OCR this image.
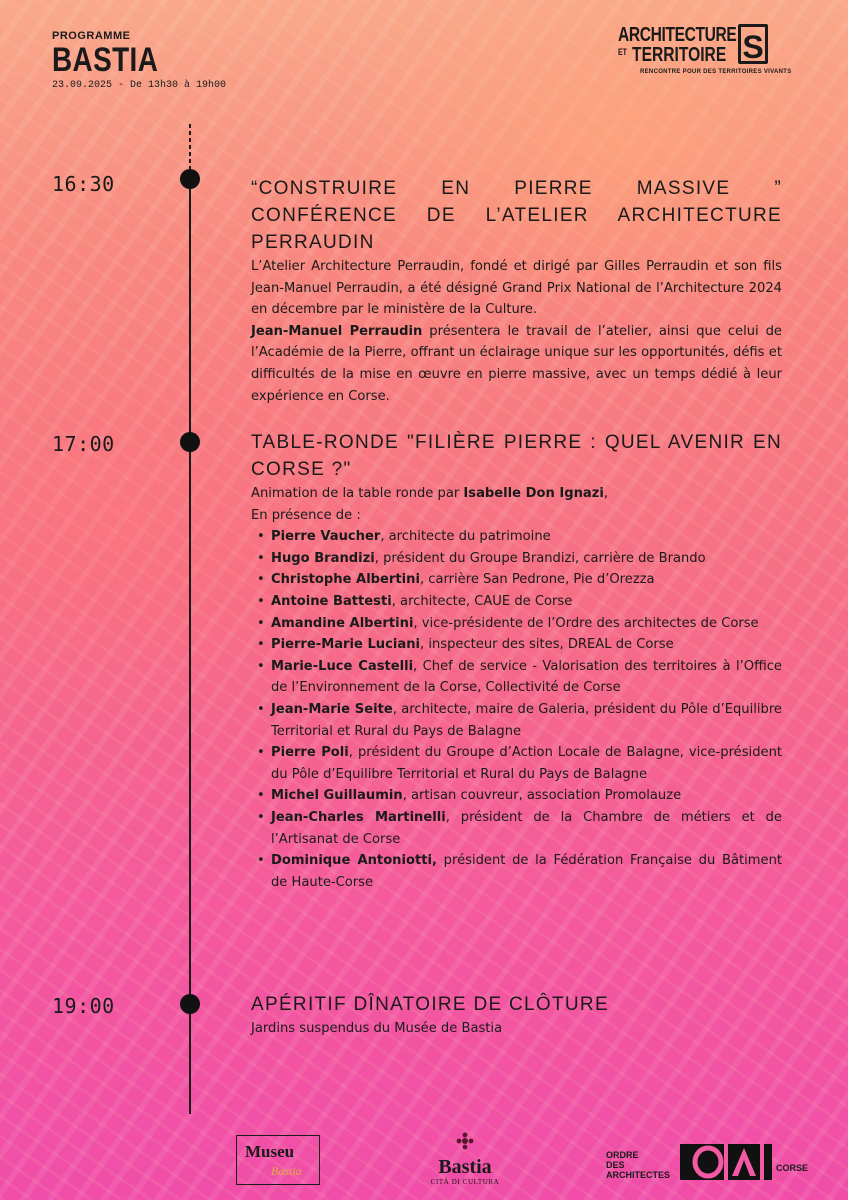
PROGRAMME
BASTIA
23.09.2025 - De 13h30 à 19h00
ARCHITECTURE
ET TERRITOIRE S
RENCONTRE POUR DES TERRITOIRES VIVANTS
16:30
17:00
19:00
“CONSTRUIRE EN PIERRE MASSIVE ” CONFÉRENCE DE L’ATELIER ARCHITECTURE PERRAUDIN
L’Atelier Architecture Perraudin, fondé et dirigé par Gilles Perraudin et son fils Jean-Manuel Perraudin, a été désigné Grand Prix National de l’Architecture 2024 en décembre par le ministère de la Culture.
Jean-Manuel Perraudin présentera le travail de l’atelier, ainsi que celui de l’Académie de la Pierre, offrant un éclairage unique sur les opportunités, défis et difficultés de la mise en œuvre en pierre massive, avec un temps dédié à leur expérience en Corse.
TABLE-RONDE "FILIÈRE PIERRE : QUEL AVENIR EN CORSE ?"
Animation de la table ronde par Isabelle Don Ignazi,
En présence de :
• Pierre Vaucher, architecte du patrimoine
• Hugo Brandizi, président du Groupe Brandizi, carrière de Brando
• Christophe Albertini, carrière San Pedrone, Pie d’Orezza
• Antoine Battesti, architecte, CAUE de Corse
• Amandine Albertini, vice-présidente de l’Ordre des architectes de Corse
• Pierre-Marie Luciani, inspecteur des sites, DREAL de Corse
• Marie-Luce Castelli, Chef de service - Valorisation des territoires à l’Office de l’Environnement de la Corse, Collectivité de Corse
• Jean-Marie Seite, architecte, maire de Galeria, président du Pôle d’Equilibre Territorial et Rural du Pays de Balagne
• Pierre Poli, président du Groupe d’Action Locale de Balagne, vice-président du Pôle d’Equilibre Territorial et Rural du Pays de Balagne
• Michel Guillaumin, artisan couvreur, association Promolauze
• Jean-Charles Martinelli, président de la Chambre de métiers et de l’Artisanat de Corse
• Dominique Antoniotti, président de la Fédération Française du Bâtiment de Haute-Corse
APÉRITIF DÎNATOIRE DE CLÔTURE
Jardins suspendus du Musée de Bastia
Museu
Bastia	Bastia
CITÀ DI CULTURA
ORDRE
DES
ARCHITECTES
CORSE
